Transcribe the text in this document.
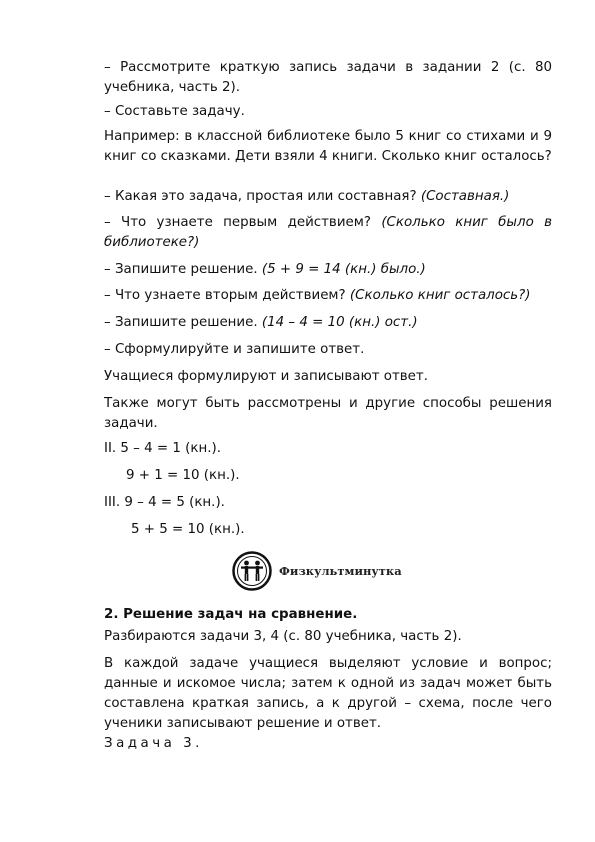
– Рассмотрите краткую запись задачи в задании 2 (с. 80 учебника, часть 2).

– Составьте задачу.

Например: в классной библиотеке было 5 книг со стихами и 9 книг со сказками. Дети взяли 4 книги. Сколько книг осталось?

– Какая это задача, простая или составная? (Составная.)

– Что узнаете первым действием? (Сколько книг было в библиотеке?)

– Запишите решение. (5 + 9 = 14 (кн.) было.)

– Что узнаете вторым действием? (Сколько книг осталось?)

– Запишите решение. (14 – 4 = 10 (кн.) ост.)

– Сформулируйте и запишите ответ.

Учащиеся формулируют и записывают ответ.

Также могут быть рассмотрены и другие способы решения задачи.

II. 5 – 4 = 1 (кн.).

9 + 1 = 10 (кн.).

III. 9 – 4 = 5 (кн.).

5 + 5 = 10 (кн.).

Физкультминутка

2. Решение задач на сравнение.

Разбираются задачи 3, 4 (с. 80 учебника, часть 2).

В каждой задаче учащиеся выделяют условие и вопрос; данные и искомое числа; затем к одной из задач может быть составлена краткая запись, а к другой – схема, после чего ученики записывают решение и ответ.

Задача 3.
